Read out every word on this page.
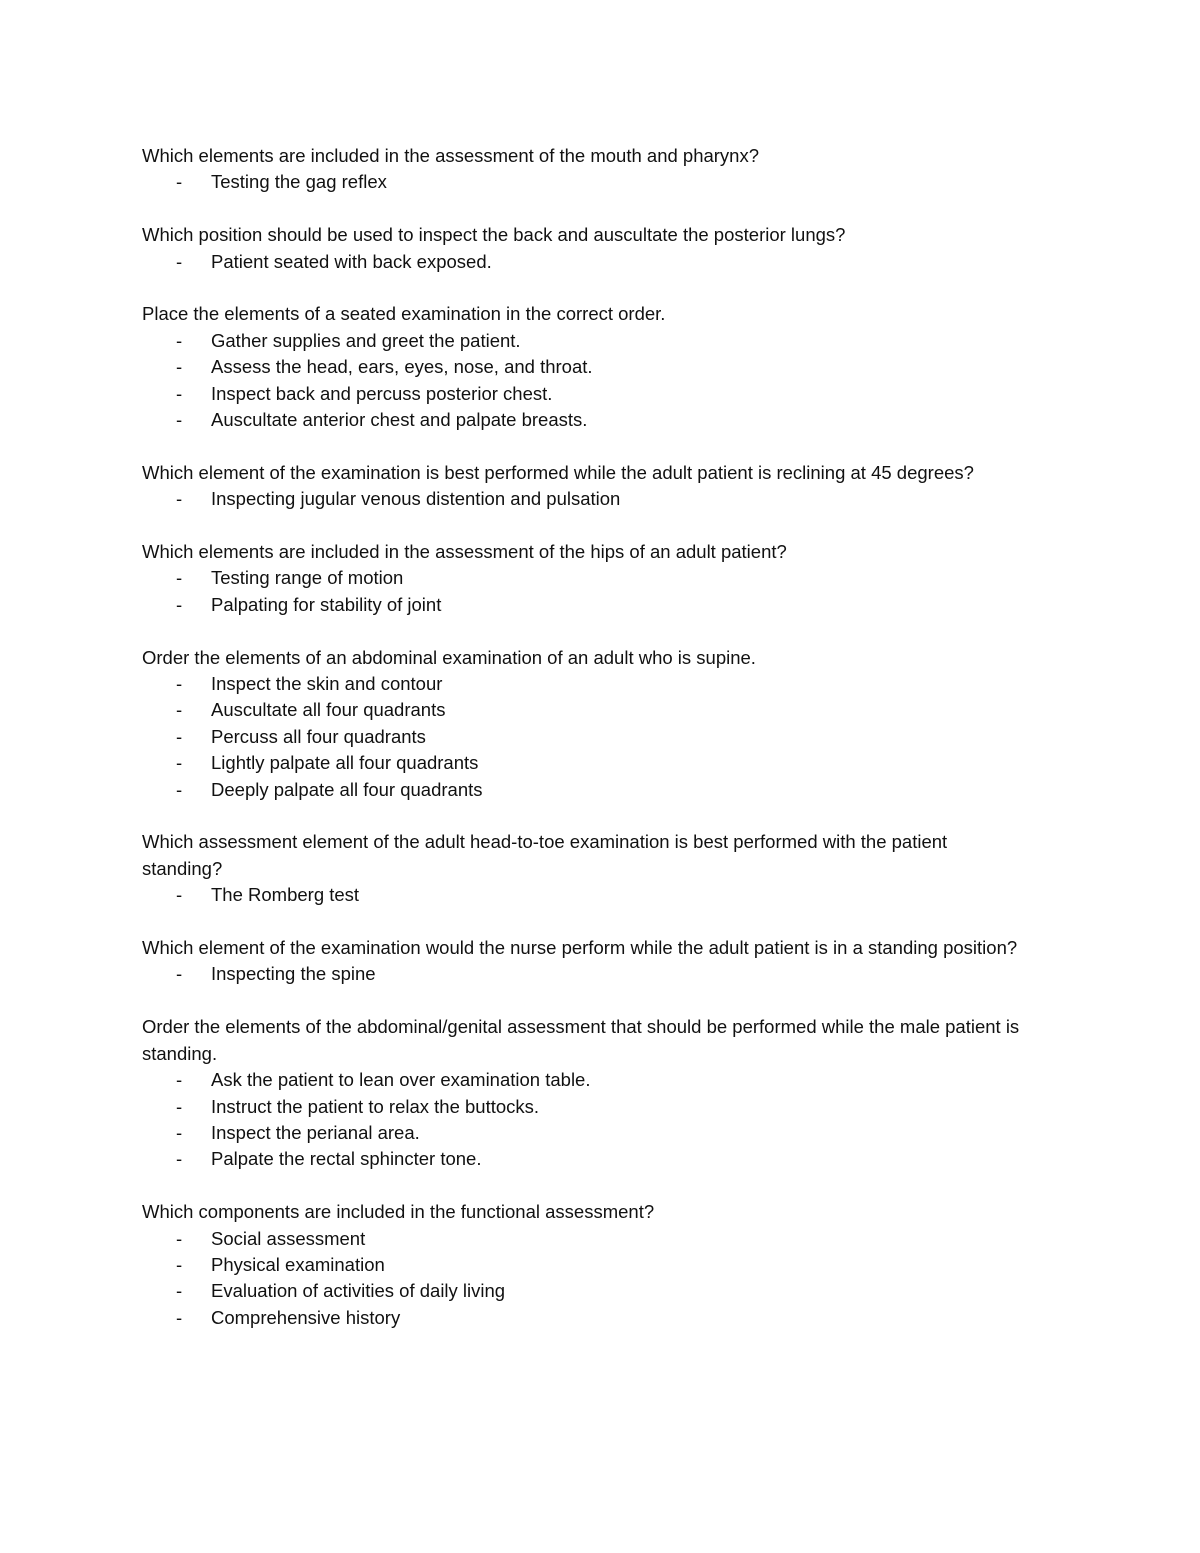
Which elements are included in the assessment of the mouth and pharynx?

- Testing the gag reflex

Which position should be used to inspect the back and auscultate the posterior lungs?

- Patient seated with back exposed.

Place the elements of a seated examination in the correct order.

- Gather supplies and greet the patient.
- Assess the head, ears, eyes, nose, and throat.
- Inspect back and percuss posterior chest.
- Auscultate anterior chest and palpate breasts.

Which element of the examination is best performed while the adult patient is reclining at 45 degrees?

- Inspecting jugular venous distention and pulsation

Which elements are included in the assessment of the hips of an adult patient?

- Testing range of motion
- Palpating for stability of joint

Order the elements of an abdominal examination of an adult who is supine.

- Inspect the skin and contour
- Auscultate all four quadrants
- Percuss all four quadrants
- Lightly palpate all four quadrants
- Deeply palpate all four quadrants

Which assessment element of the adult head-to-toe examination is best performed with the patient standing?

- The Romberg test

Which element of the examination would the nurse perform while the adult patient is in a standing position?

- Inspecting the spine

Order the elements of the abdominal/genital assessment that should be performed while the male patient is standing.

- Ask the patient to lean over examination table.
- Instruct the patient to relax the buttocks.
- Inspect the perianal area.
- Palpate the rectal sphincter tone.

Which components are included in the functional assessment?

- Social assessment
- Physical examination
- Evaluation of activities of daily living
- Comprehensive history
